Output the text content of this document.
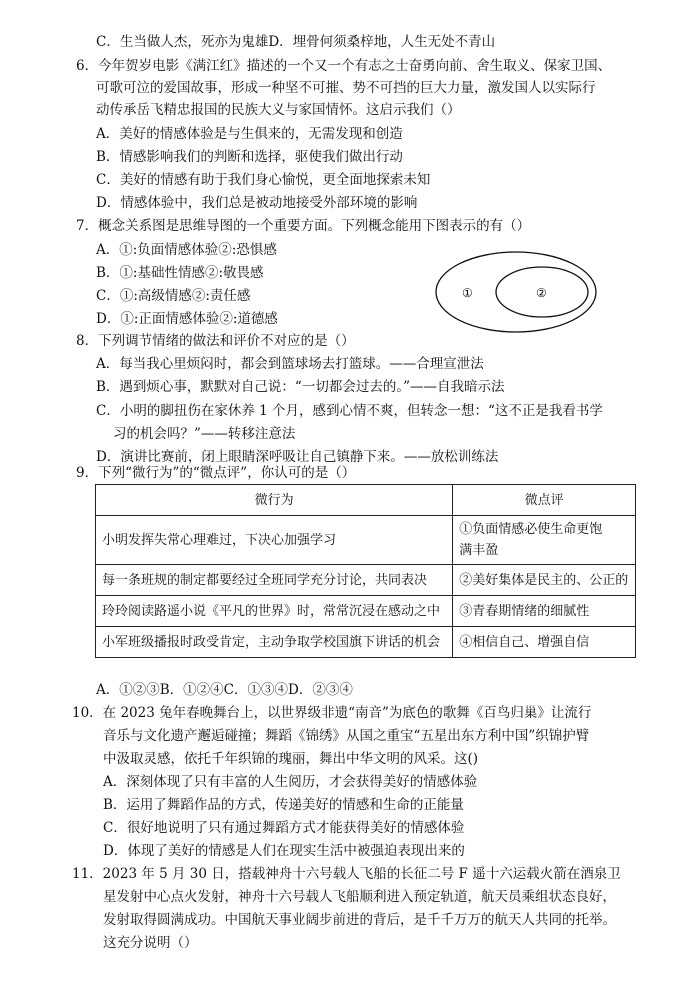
C．生当做人杰，死亦为鬼雄D．埋骨何须桑梓地，人生无处不青山
6．今年贺岁电影《满江红》描述的一个又一个有志之士奋勇向前、舍生取义、保家卫国、
可歌可泣的爱国故事，形成一种坚不可摧、势不可挡的巨大力量，激发国人以实际行
动传承岳飞精忠报国的民族大义与家国情怀。这启示我们（）
A．美好的情感体验是与生俱来的，无需发现和创造
B．情感影响我们的判断和选择，驱使我们做出行动
C．美好的情感有助于我们身心愉悦，更全面地探索未知
D．情感体验中，我们总是被动地接受外部环境的影响
7．概念关系图是思维导图的一个重要方面。下列概念能用下图表示的有（）
A．①:负面情感体验②:恐惧感
B．①:基础性情感②:敬畏感
C．①:高级情感②:责任感
D．①:正面情感体验②:道德感
①	②
8．下列调节情绪的做法和评价不对应的是（）
A．每当我心里烦闷时，都会到篮球场去打篮球。——合理宣泄法
B．遇到烦心事，默默对自己说：“一切都会过去的。”——自我暗示法
C．小明的脚扭伤在家休养 1 个月，感到心情不爽，但转念一想：“这不正是我看书学
习的机会吗？”——转移注意法
D．演讲比赛前，闭上眼睛深呼吸让自己镇静下来。——放松训练法
9．下列“微行为”的“微点评”，你认可的是（）
微行为	微点评
小明发挥失常心理难过，下决心加强学习	①负面情感必使生命更饱
满丰盈

每一条班规的制定都要经过全班同学充分讨论，共同表决	②美好集体是民主的、公正的
玲玲阅读路遥小说《平凡的世界》时，常常沉浸在感动之中	③青春期情绪的细腻性
小军班级播报时政受肯定，主动争取学校国旗下讲话的机会	④相信自己、增强自信
A．①②③B．①②④C．①③④D．②③④
10．在 2023 兔年春晚舞台上，以世界级非遗“南音”为底色的歌舞《百鸟归巢》让流行
音乐与文化遗产邂逅碰撞；舞蹈《锦绣》从国之重宝“五星出东方利中国”织锦护臂
中汲取灵感，依托千年织锦的瑰丽，舞出中华文明的风采。这()
A．深刻体现了只有丰富的人生阅历，才会获得美好的情感体验
B．运用了舞蹈作品的方式，传递美好的情感和生命的正能量
C．很好地说明了只有通过舞蹈方式才能获得美好的情感体验
D．体现了美好的情感是人们在现实生活中被强迫表现出来的
11．2023 年 5 月 30 日，搭载神舟十六号载人飞船的长征二号 F 遥十六运载火箭在酒泉卫
星发射中心点火发射，神舟十六号载人飞船顺利进入预定轨道，航天员乘组状态良好，
发射取得圆满成功。中国航天事业阔步前进的背后，是千千万万的航天人共同的托举。
这充分说明（）
